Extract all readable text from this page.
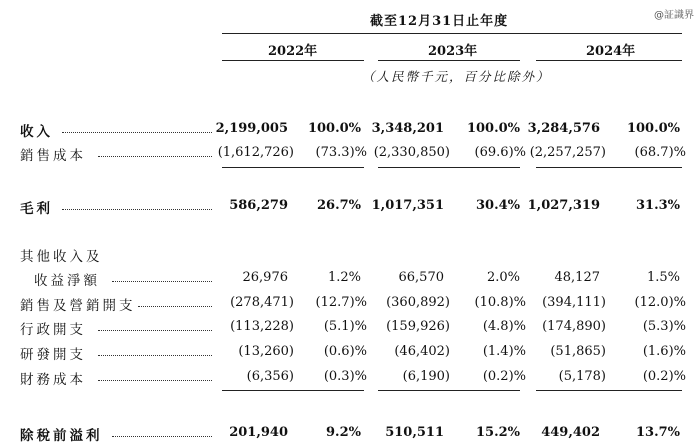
@証識界
截至12月31日止年度
2022年	2023年	2024年
（人民幣千元，百分比除外）
收入	2,199,005	100.0% 3,348,201	100.0% 3,284,576	100.0%
銷售成本	(1,612,726)	(73.3)% (2,330,850)	(69.6)% (2,257,257)	(68.7)%
毛利	586,279	26.7% 1,017,351	30.4% 1,027,319	31.3%
其他收入及
收益淨額	26,976	1.2%	66,570	2.0%	48,127	1.5%
銷售及營銷開支	(278,471)	(12.7)%	(360,892)	(10.8)%	(394,111)	(12.0)%
行政開支	(113,228)	(5.1)%	(159,926)	(4.8)%	(174,890)	(5.3)%
研發開支	(13,260)	(0.6)%	(46,402)	(1.4)%	(51,865)	(1.6)%
財務成本	(6,356)	(0.3)%	(6,190)	(0.2)%	(5,178)	(0.2)%
除稅前溢利	201,940	9.2%	510,511	15.2%	449,402	13.7%
